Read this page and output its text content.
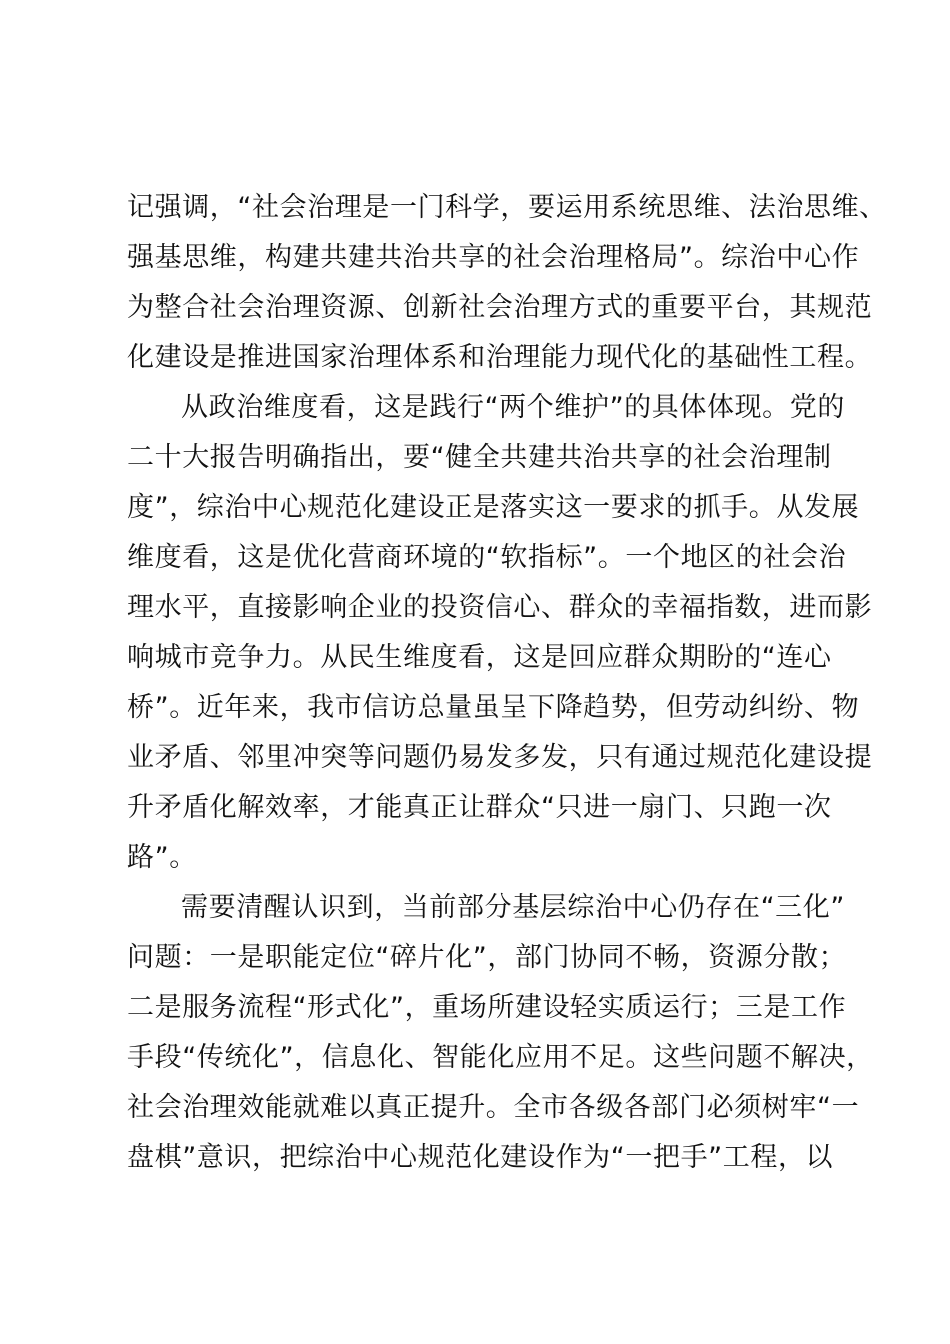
记强调，“社会治理是一门科学，要运用系统思维、法治思维、
强基思维，构建共建共治共享的社会治理格局”。综治中心作
为整合社会治理资源、创新社会治理方式的重要平台，其规范
化建设是推进国家治理体系和治理能力现代化的基础性工程。
从政治维度看，这是践行“两个维护”的具体体现。党的
二十大报告明确指出，要“健全共建共治共享的社会治理制
度”，综治中心规范化建设正是落实这一要求的抓手。从发展
维度看，这是优化营商环境的“软指标”。一个地区的社会治
理水平，直接影响企业的投资信心、群众的幸福指数，进而影
响城市竞争力。从民生维度看，这是回应群众期盼的“连心
桥”。近年来，我市信访总量虽呈下降趋势，但劳动纠纷、物
业矛盾、邻里冲突等问题仍易发多发，只有通过规范化建设提
升矛盾化解效率，才能真正让群众“只进一扇门、只跑一次
路”。
需要清醒认识到，当前部分基层综治中心仍存在“三化”
问题：一是职能定位“碎片化”，部门协同不畅，资源分散；
二是服务流程“形式化”，重场所建设轻实质运行；三是工作
手段“传统化”，信息化、智能化应用不足。这些问题不解决，
社会治理效能就难以真正提升。全市各级各部门必须树牢“一
盘棋”意识，把综治中心规范化建设作为“一把手”工程，以
